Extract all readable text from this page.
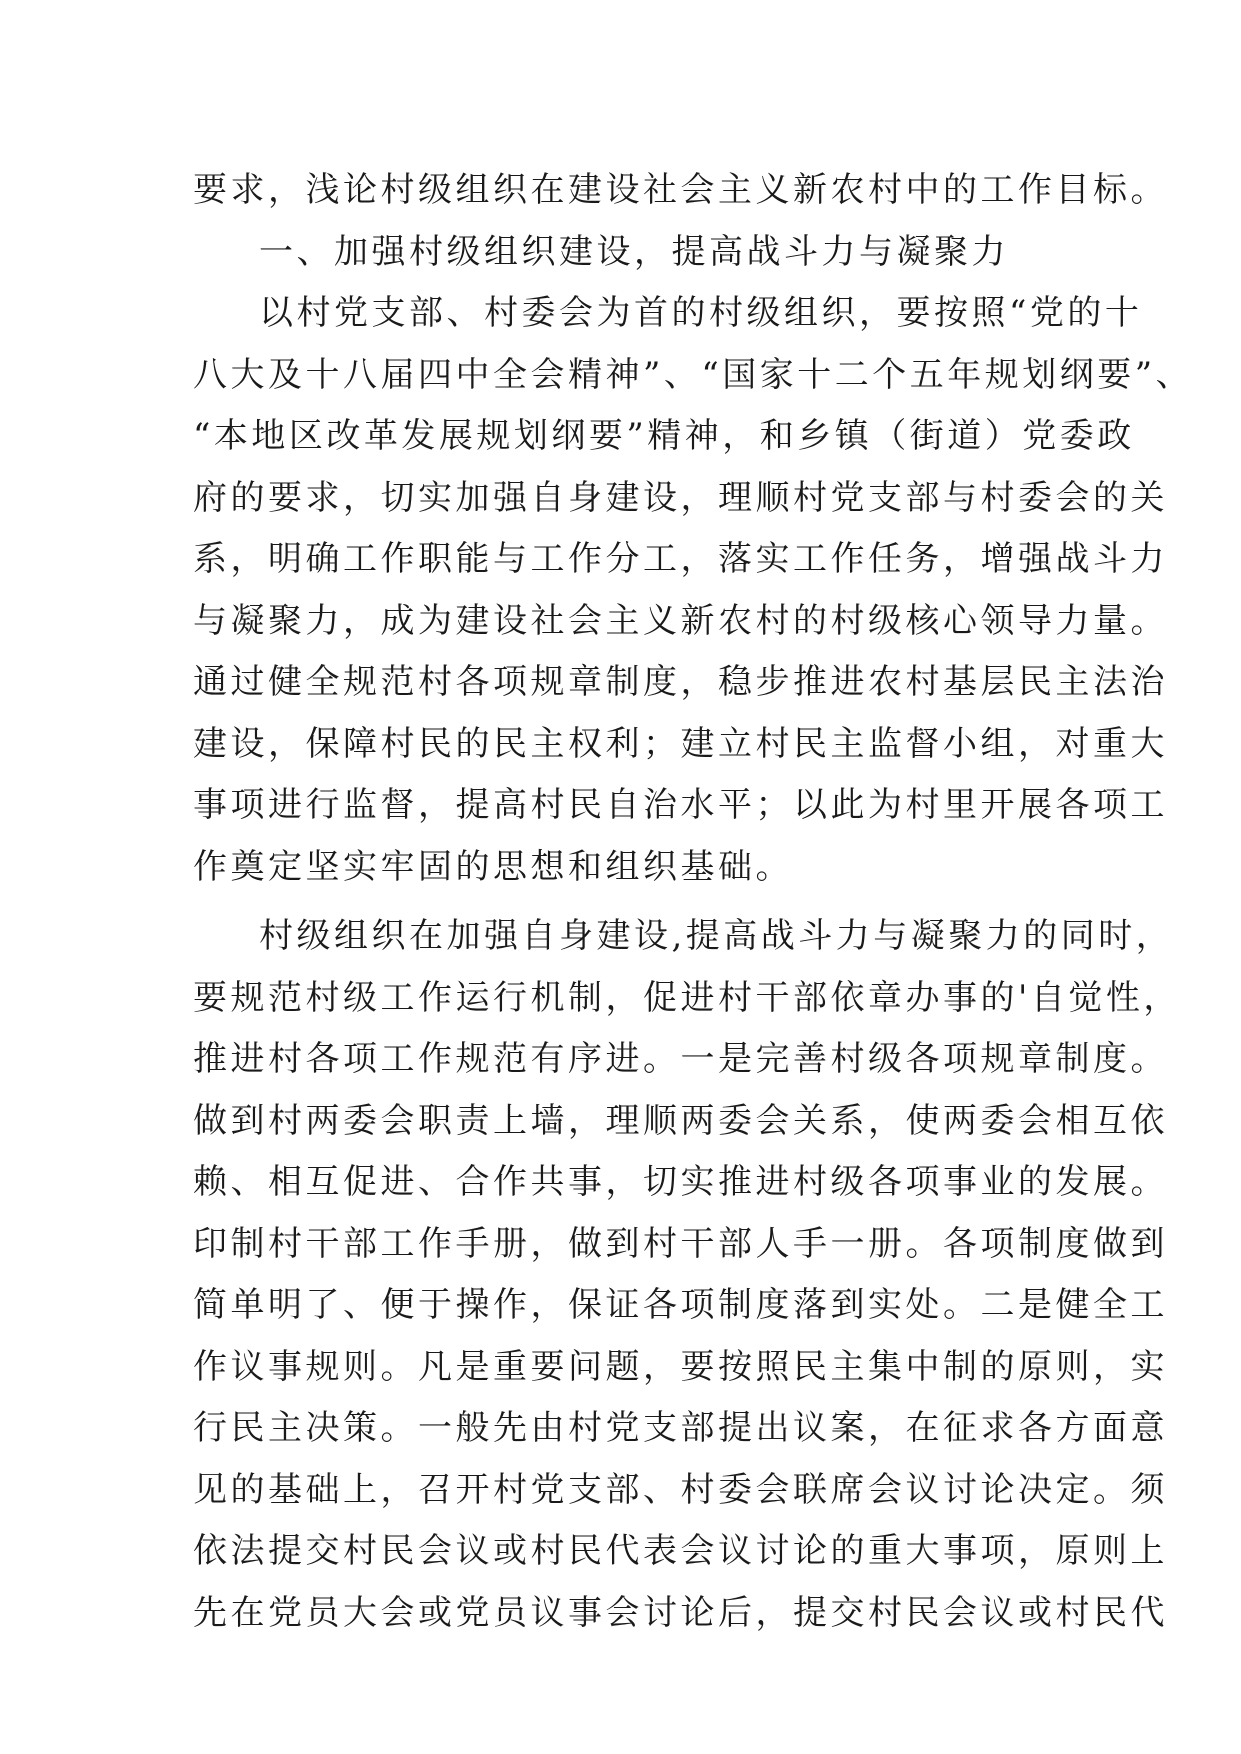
要求，浅论村级组织在建设社会主义新农村中的工作目标。
一、加强村级组织建设，提高战斗力与凝聚力
以村党支部、村委会为首的村级组织，要按照“党的十
八大及十八届四中全会精神”、“国家十二个五年规划纲要”、
“本地区改革发展规划纲要”精神，和乡镇（街道）党委政
府的要求，切实加强自身建设，理顺村党支部与村委会的关
系，明确工作职能与工作分工，落实工作任务，增强战斗力
与凝聚力，成为建设社会主义新农村的村级核心领导力量。
通过健全规范村各项规章制度，稳步推进农村基层民主法治
建设，保障村民的民主权利；建立村民主监督小组，对重大
事项进行监督，提高村民自治水平；以此为村里开展各项工
作奠定坚实牢固的思想和组织基础。
村级组织在加强自身建设,提高战斗力与凝聚力的同时，
要规范村级工作运行机制，促进村干部依章办事的'自觉性，
推进村各项工作规范有序进。一是完善村级各项规章制度。
做到村两委会职责上墙，理顺两委会关系，使两委会相互依
赖、相互促进、合作共事，切实推进村级各项事业的发展。
印制村干部工作手册，做到村干部人手一册。各项制度做到
简单明了、便于操作，保证各项制度落到实处。二是健全工
作议事规则。凡是重要问题，要按照民主集中制的原则，实
行民主决策。一般先由村党支部提出议案，在征求各方面意
见的基础上，召开村党支部、村委会联席会议讨论决定。须
依法提交村民会议或村民代表会议讨论的重大事项，原则上
先在党员大会或党员议事会讨论后，提交村民会议或村民代
